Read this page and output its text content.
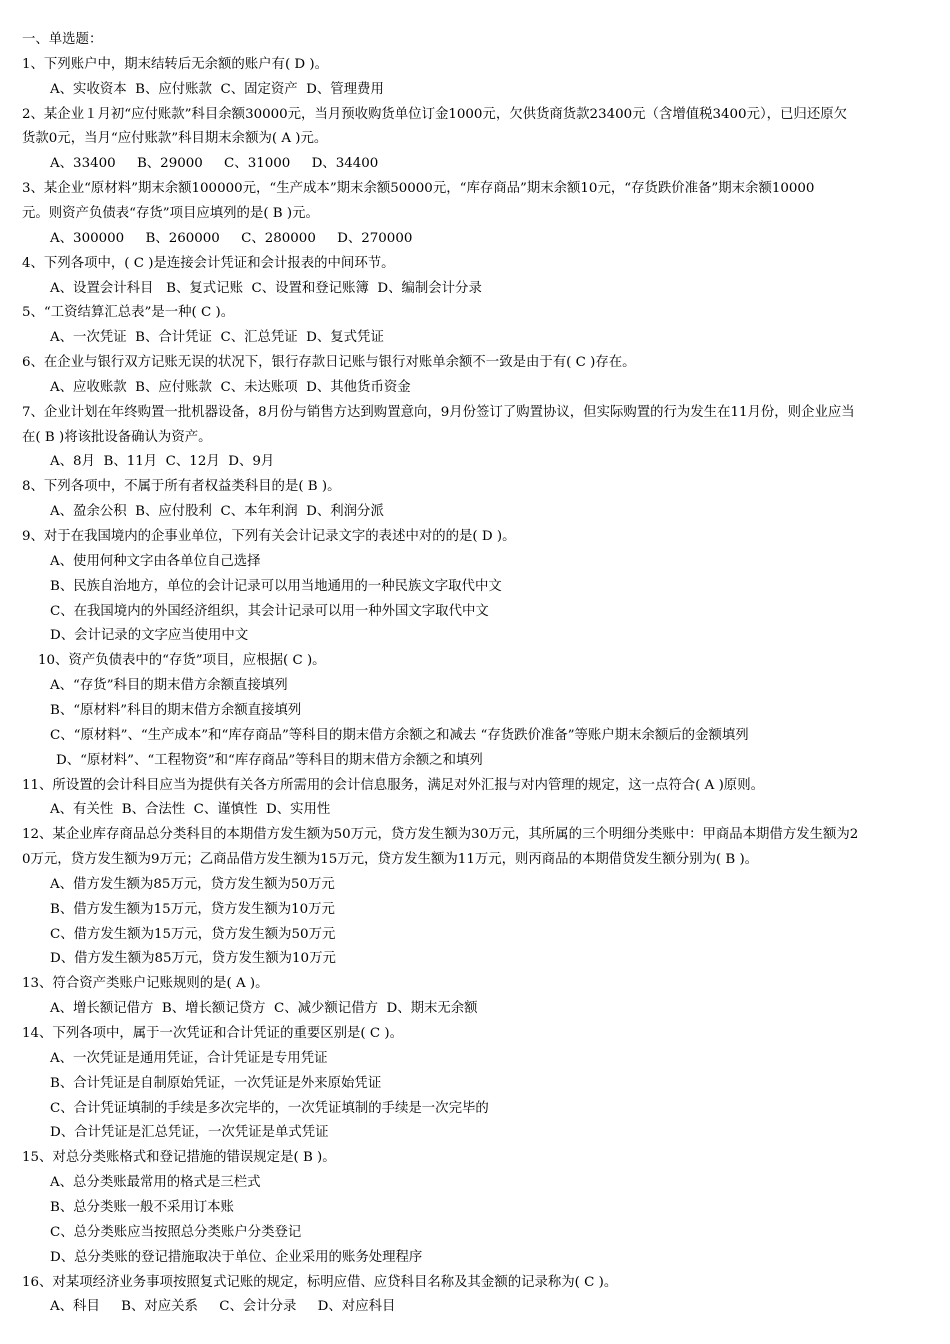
一、单选题：
1、下列账户中，期末结转后无余额的账户有( D )。
A、实收资本  B、应付账款  C、固定资产  D、管理费用
2、某企业１月初“应付账款”科目余额30000元，当月预收购货单位订金1000元，欠供货商货款23400元（含增值税3400元），已归还原欠
货款0元，当月“应付账款”科目期末余额为( A )元。
A、33400     B、29000     C、31000     D、34400
3、某企业“原材料”期末余额100000元，“生产成本”期末余额50000元，“库存商品”期末余额10元，“存货跌价准备”期末余额10000
元。则资产负债表“存货”项目应填列的是( B )元。
A、300000     B、260000     C、280000     D、270000
4、下列各项中，( C )是连接会计凭证和会计报表的中间环节。
A、设置会计科目   B、复式记账  C、设置和登记账簿  D、编制会计分录
5、“工资结算汇总表”是一种( C )。
A、一次凭证  B、合计凭证  C、汇总凭证  D、复式凭证
6、在企业与银行双方记账无误的状况下，银行存款日记账与银行对账单余额不一致是由于有( C )存在。
A、应收账款  B、应付账款  C、未达账项  D、其他货币资金
7、企业计划在年终购置一批机器设备，8月份与销售方达到购置意向，9月份签订了购置协议，但实际购置的行为发生在11月份，则企业应当
在( B )将该批设备确认为资产。
A、8月  B、11月  C、12月  D、9月
8、下列各项中，不属于所有者权益类科目的是( B )。
A、盈余公积  B、应付股利  C、本年利润  D、利润分派
9、对于在我国境内的企事业单位，下列有关会计记录文字的表述中对的的是( D )。
A、使用何种文字由各单位自己选择
B、民族自治地方，单位的会计记录可以用当地通用的一种民族文字取代中文
C、在我国境内的外国经济组织，其会计记录可以用一种外国文字取代中文
D、会计记录的文字应当使用中文
10、资产负债表中的“存货”项目，应根据( C )。
A、“存货”科目的期末借方余额直接填列
B、“原材料”科目的期末借方余额直接填列
C、“原材料”、“生产成本”和“库存商品”等科目的期末借方余额之和减去 “存货跌价准备”等账户期末余额后的金额填列
D、“原材料”、“工程物资”和“库存商品”等科目的期末借方余额之和填列
11、所设置的会计科目应当为提供有关各方所需用的会计信息服务，满足对外汇报与对内管理的规定，这一点符合( A )原则。
A、有关性  B、合法性  C、谨慎性  D、实用性
12、某企业库存商品总分类科目的本期借方发生额为50万元，贷方发生额为30万元，其所属的三个明细分类账中：甲商品本期借方发生额为2
0万元，贷方发生额为9万元；乙商品借方发生额为15万元，贷方发生额为11万元，则丙商品的本期借贷发生额分别为( B )。
A、借方发生额为85万元，贷方发生额为50万元
B、借方发生额为15万元，贷方发生额为10万元
C、借方发生额为15万元，贷方发生额为50万元
D、借方发生额为85万元，贷方发生额为10万元
13、符合资产类账户记账规则的是( A )。
A、增长额记借方  B、增长额记贷方  C、减少额记借方  D、期末无余额
14、下列各项中，属于一次凭证和合计凭证的重要区别是( C )。
A、一次凭证是通用凭证，合计凭证是专用凭证
B、合计凭证是自制原始凭证，一次凭证是外来原始凭证
C、合计凭证填制的手续是多次完毕的，一次凭证填制的手续是一次完毕的
D、合计凭证是汇总凭证，一次凭证是单式凭证
15、对总分类账格式和登记措施的错误规定是( B )。
A、总分类账最常用的格式是三栏式
B、总分类账一般不采用订本账
C、总分类账应当按照总分类账户分类登记
D、总分类账的登记措施取决于单位、企业采用的账务处理程序
16、对某项经济业务事项按照复式记账的规定，标明应借、应贷科目名称及其金额的记录称为( C )。
A、科目     B、对应关系     C、会计分录     D、对应科目
